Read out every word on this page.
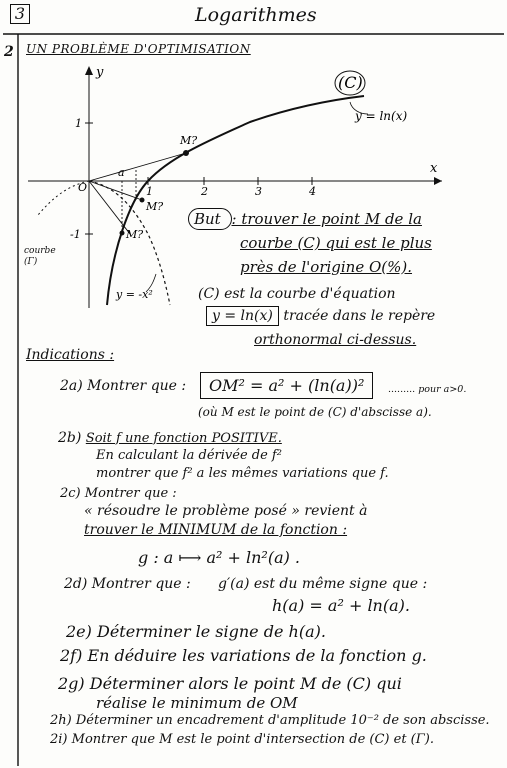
3	Logarithmes
2 UN PROBLÈME D'OPTIMISATION
1	2	3	4
1
-1
x
y
O
a
M?
M?
M?
(C)
y = ln(x)
y = -x²
courbe (Γ)
But : trouver le point M de la
courbe (C) qui est le plus
près de l'origine O(%).
(C) est la courbe d'équation
y = ln(x) tracée dans le repère
orthonormal ci-dessus.
Indications :
2a) Montrer que :	OM² = a² + (ln(a))²	......... pour a>0.
(où M est le point de (C) d'abscisse a).
2b) Soit f une fonction POSITIVE.
En calculant la dérivée de f²
montrer que f² a les mêmes variations que f.
2c) Montrer que :
« résoudre le problème posé » revient à
trouver le MINIMUM de la fonction :
g : a ⟼ a² + ln²(a) .
2d) Montrer que : g′(a) est du même signe que :
h(a) = a² + ln(a).
2e) Déterminer le signe de h(a).
2f) En déduire les variations de la fonction g.
2g) Déterminer alors le point M de (C) qui
réalise le minimum de OM
2h) Déterminer un encadrement d'amplitude 10⁻² de son abscisse.
2i) Montrer que M est le point d'intersection de (C) et (Γ).
